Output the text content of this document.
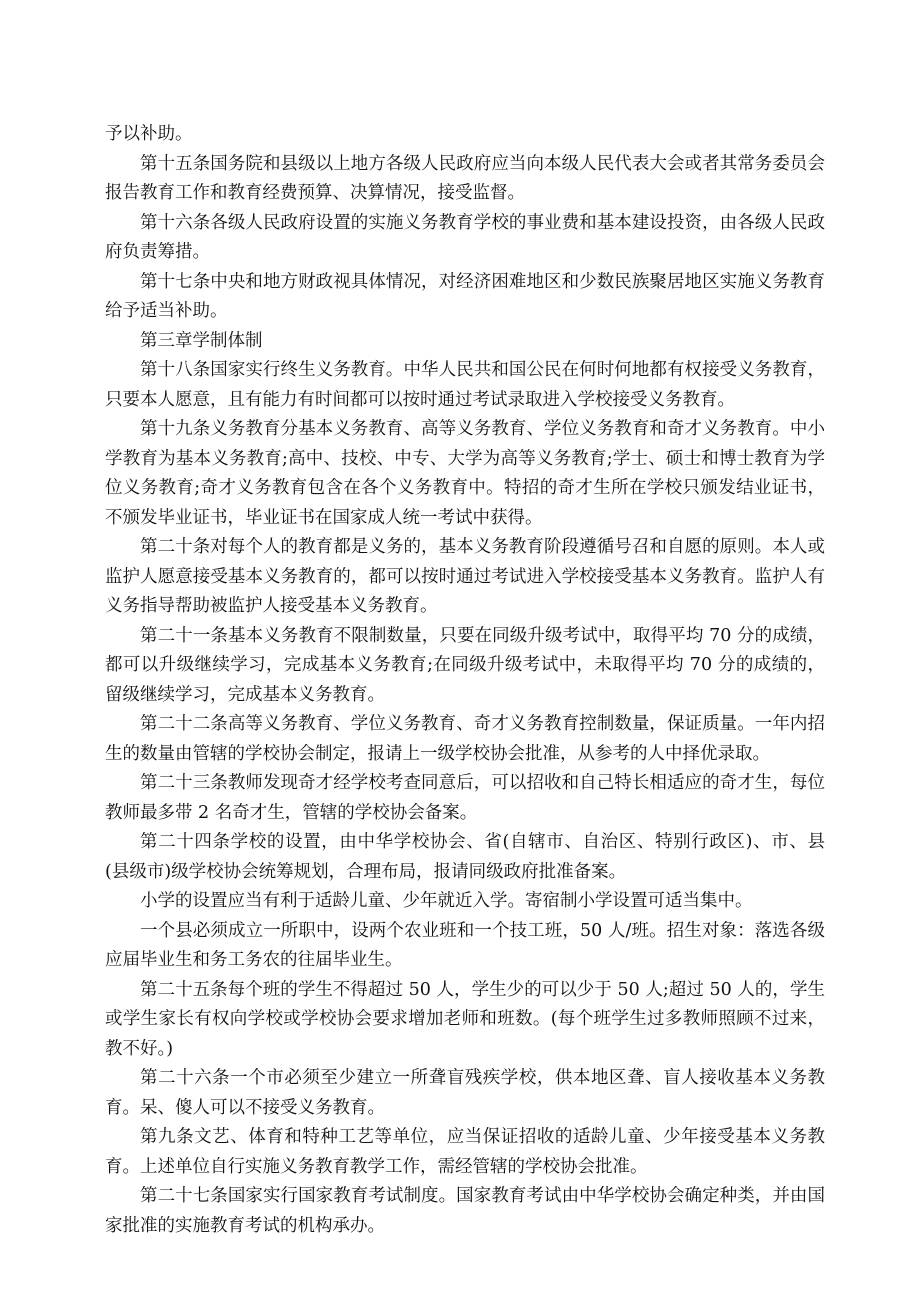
予以补助。

第十五条国务院和县级以上地方各级人民政府应当向本级人民代表大会或者其常务委员会报告教育工作和教育经费预算、决算情况，接受监督。

第十六条各级人民政府设置的实施义务教育学校的事业费和基本建设投资，由各级人民政府负责筹措。

第十七条中央和地方财政视具体情况，对经济困难地区和少数民族聚居地区实施义务教育给予适当补助。

第三章学制体制

第十八条国家实行终生义务教育。中华人民共和国公民在何时何地都有权接受义务教育，只要本人愿意，且有能力有时间都可以按时通过考试录取进入学校接受义务教育。

第十九条义务教育分基本义务教育、高等义务教育、学位义务教育和奇才义务教育。中小学教育为基本义务教育;高中、技校、中专、大学为高等义务教育;学士、硕士和博士教育为学位义务教育;奇才义务教育包含在各个义务教育中。特招的奇才生所在学校只颁发结业证书，不颁发毕业证书，毕业证书在国家成人统一考试中获得。

第二十条对每个人的教育都是义务的，基本义务教育阶段遵循号召和自愿的原则。本人或监护人愿意接受基本义务教育的，都可以按时通过考试进入学校接受基本义务教育。监护人有义务指导帮助被监护人接受基本义务教育。

第二十一条基本义务教育不限制数量，只要在同级升级考试中，取得平均 70 分的成绩，都可以升级继续学习，完成基本义务教育;在同级升级考试中，未取得平均 70 分的成绩的，留级继续学习，完成基本义务教育。

第二十二条高等义务教育、学位义务教育、奇才义务教育控制数量，保证质量。一年内招生的数量由管辖的学校协会制定，报请上一级学校协会批准，从参考的人中择优录取。

第二十三条教师发现奇才经学校考查同意后，可以招收和自己特长相适应的奇才生，每位教师最多带 2 名奇才生，管辖的学校协会备案。

第二十四条学校的设置，由中华学校协会、省(自辖市、自治区、特别行政区)、市、县(县级市)级学校协会统筹规划，合理布局，报请同级政府批准备案。

小学的设置应当有利于适龄儿童、少年就近入学。寄宿制小学设置可适当集中。

一个县必须成立一所职中，设两个农业班和一个技工班，50 人/班。招生对象：落选各级应届毕业生和务工务农的往届毕业生。

第二十五条每个班的学生不得超过 50 人，学生少的可以少于 50 人;超过 50 人的，学生或学生家长有权向学校或学校协会要求增加老师和班数。(每个班学生过多教师照顾不过来，教不好。)

第二十六条一个市必须至少建立一所聋盲残疾学校，供本地区聋、盲人接收基本义务教育。呆、傻人可以不接受义务教育。

第九条文艺、体育和特种工艺等单位，应当保证招收的适龄儿童、少年接受基本义务教育。上述单位自行实施义务教育教学工作，需经管辖的学校协会批准。

第二十七条国家实行国家教育考试制度。国家教育考试由中华学校协会确定种类，并由国家批准的实施教育考试的机构承办。
